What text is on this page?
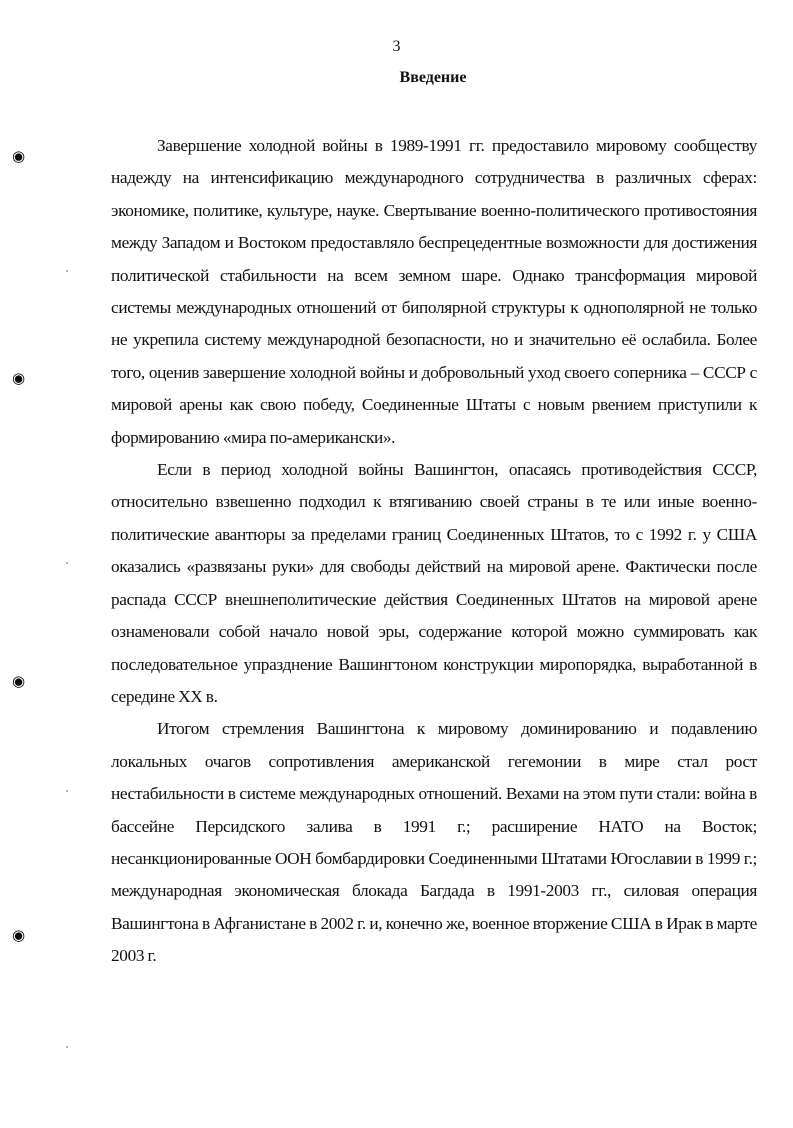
3
Введение

Завершение холодной войны в 1989-1991 гг. предоставило мировому сообществу надежду на интенсификацию международного сотрудничества в различных сферах: экономике, политике, культуре, науке. Свертывание военно-политического противостояния между Западом и Востоком предоставляло беспрецедентные возможности для достижения политической стабильности на всем земном шаре. Однако трансформация мировой системы международных отношений от биполярной структуры к однополярной не только не укрепила систему международной безопасности, но и значительно её ослабила. Более того, оценив завершение холодной войны и добровольный уход своего соперника – СССР с мировой арены как свою победу, Соединенные Штаты с новым рвением приступили к формированию «мира по-американски».

Если в период холодной войны Вашингтон, опасаясь противодействия СССР, относительно взвешенно подходил к втягиванию своей страны в те или иные военно-политические авантюры за пределами границ Соединенных Штатов, то с 1992 г. у США оказались «развязаны руки» для свободы действий на мировой арене. Фактически после распада СССР внешнеполитические действия Соединенных Штатов на мировой арене ознаменовали собой начало новой эры, содержание которой можно суммировать как последовательное упразднение Вашингтоном конструкции миропорядка, выработанной в середине XX в.

Итогом стремления Вашингтона к мировому доминированию и подавлению локальных очагов сопротивления американской гегемонии в мире стал рост нестабильности в системе международных отношений. Вехами на этом пути стали: война в бассейне Персидского залива в 1991 г.; расширение НАТО на Восток; несанкционированные ООН бомбардировки Соединенными Штатами Югославии в 1999 г.; международная экономическая блокада Багдада в 1991-2003 гг., силовая операция Вашингтона в Афганистане в 2002 г. и, конечно же, военное вторжение США в Ирак в марте 2003 г.

◉
◉
◉
◉
